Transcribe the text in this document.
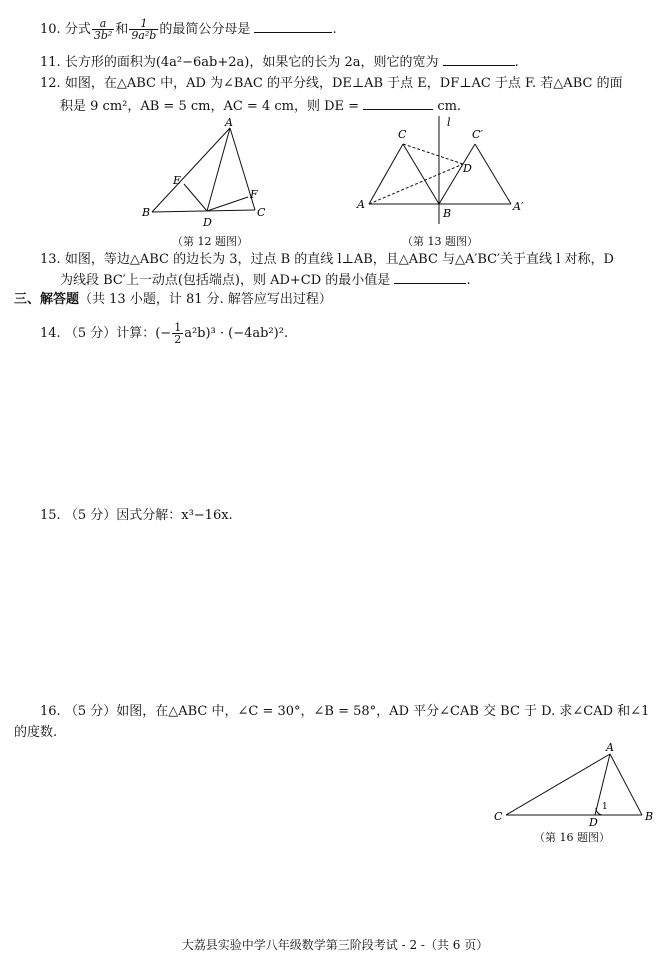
10. 分式 $\frac{a}{\text{3b²}}$ 和 $\frac{1}{\text{9a²b}}$ 的最简公分母是	.
11. 长方形的面积为(4a²−6ab+2a)，如果它的长为 2a，则它的宽为	.
12. 如图，在△ABC 中，AD 为∠BAC 的平分线，DE⊥AB 于点 E，DF⊥AC 于点 F. 若△ABC 的面
积是 9 cm²，AB = 5 cm，AC = 4 cm，则 DE =	cm.
A
B	C
D
E
F
（第 12 题图）
C	C′
l
D
A
B
A′
（第 13 题图）
13. 如图，等边△ABC 的边长为 3，过点 B 的直线 l⊥AB，且△ABC 与△A′BC′关于直线 l 对称，D
为线段 BC′上一动点(包括端点)，则 AD+CD 的最小值是	.
三、解答题（共 13 小题，计 81 分. 解答应写出过程）
14. （5 分）计算：(− $\frac{1}{2} a^2b)^3 \cdot (-4ab^2)^2$.
15. （5 分）因式分解：x³−16x.
16. （5 分）如图，在△ABC 中，∠C = 30°，∠B = 58°，AD 平分∠CAB 交 BC 于 D. 求∠CAD 和∠1
的度数.
A
C	B
D
1
（第 16 题图）
大荔县实验中学八年级数学第三阶段考试 - 2 -（共 6 页）
